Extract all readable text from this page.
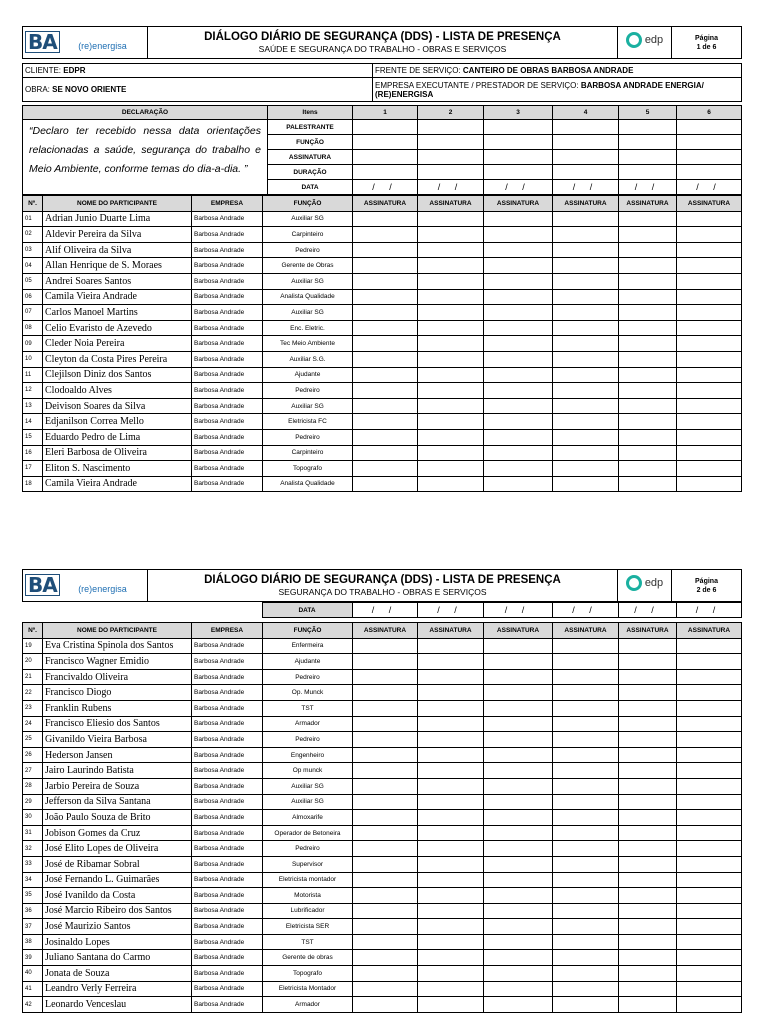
BA (re)energisa	
DIÁLOGO DIÁRIO DE SEGURANÇA (DDS) - LISTA DE PRESENÇA
SAÚDE E SEGURANÇA DO TRABALHO - OBRAS E SERVIÇOS

edp	Página
1 de 6
CLIENTE: EDPR	FRENTE DE SERVIÇO: CANTEIRO DE OBRAS BARBOSA ANDRADE
OBRA: SE NOVO ORIENTE	EMPRESA EXECUTANTE / PRESTADOR DE SERVIÇO: BARBOSA ANDRADE ENERGIA/ (RE)ENERGISA
DECLARAÇÃO	Itens	1	2	3	4	5	6
“Declaro ter recebido nessa data orientações relacionadas a saúde, segurança do trabalho e Meio Ambiente, conforme temas do dia-a-dia. ”	PALESTRANTE						
	FUNÇÃO						
	ASSINATURA						
	DURAÇÃO						
	DATA	/ /	/ /	/ /	/ /	/ /	/ /
Nº.	NOME DO PARTICIPANTE	EMPRESA	FUNÇÃO	ASSINATURA	ASSINATURA	ASSINATURA	ASSINATURA	ASSINATURA	ASSINATURA
01	Adrian Junio Duarte Lima	Barbosa Andrade	Auxiliar SG						
02	Aldevir Pereira da Silva	Barbosa Andrade	Carpinteiro						
03	Alif Oliveira da Silva	Barbosa Andrade	Pedreiro						
04	Allan Henrique de S. Moraes	Barbosa Andrade	Gerente de Obras						
05	Andrei Soares Santos	Barbosa Andrade	Auxiliar SG						
06	Camila Vieira Andrade	Barbosa Andrade	Analista Qualidade						
07	Carlos Manoel Martins	Barbosa Andrade	Auxiliar SG						
08	Celio Evaristo de Azevedo	Barbosa Andrade	Enc. Eletric.						
09	Cleder Noia Pereira	Barbosa Andrade	Tec Meio Ambiente						
10	Cleyton da Costa Pires Pereira	Barbosa Andrade	Auxiliar S.G.						
11	Clejilson Diniz dos Santos	Barbosa Andrade	Ajudante						
12	Clodoaldo Alves	Barbosa Andrade	Pedreiro						
13	Deivison Soares da Silva	Barbosa Andrade	Auxiliar SG						
14	Edjanilson Correa Mello	Barbosa Andrade	Eletricista FC						
15	Eduardo Pedro de Lima	Barbosa Andrade	Pedreiro						
16	Eleri Barbosa de Oliveira	Barbosa Andrade	Carpinteiro						
17	Eliton S. Nascimento	Barbosa Andrade	Topografo						
18	Camila Vieira Andrade	Barbosa Andrade	Analista Qualidade						
BA (re)energisa	
DIÁLOGO DIÁRIO DE SEGURANÇA (DDS) - LISTA DE PRESENÇA
SEGURANÇA DO TRABALHO - OBRAS E SERVIÇOS

edp	Página
2 de 6
	DATA	/ /	/ /	/ /	/ /	/ /	/ /
Nº.	NOME DO PARTICIPANTE	EMPRESA	FUNÇÃO	ASSINATURA	ASSINATURA	ASSINATURA	ASSINATURA	ASSINATURA	ASSINATURA
19	Eva Cristina Spinola dos Santos	Barbosa Andrade	Enfermeira						
20	Francisco Wagner Emidio	Barbosa Andrade	Ajudante						
21	Francivaldo Oliveira	Barbosa Andrade	Pedreiro						
22	Francisco Diogo	Barbosa Andrade	Op. Munck						
23	Franklin Rubens	Barbosa Andrade	TST						
24	Francisco Eliesio dos Santos	Barbosa Andrade	Armador						
25	Givanildo Vieira Barbosa	Barbosa Andrade	Pedreiro						
26	Hederson Jansen	Barbosa Andrade	Engenheiro						
27	Jairo Laurindo Batista	Barbosa Andrade	Op munck						
28	Jarbio Pereira de Souza	Barbosa Andrade	Auxiliar SG						
29	Jefferson da Silva Santana	Barbosa Andrade	Auxiliar SG						
30	João Paulo Souza de Brito	Barbosa Andrade	Almoxarife						
31	Jobison Gomes da Cruz	Barbosa Andrade	Operador de Betoneira						
32	José Elito Lopes de Oliveira	Barbosa Andrade	Pedreiro						
33	José de Ribamar Sobral	Barbosa Andrade	Supervisor						
34	José Fernando L. Guimarães	Barbosa Andrade	Eletricista montador						
35	José Ivanildo da Costa	Barbosa Andrade	Motorista						
36	José Marcio Ribeiro dos Santos	Barbosa Andrade	Lubrificador						
37	José Maurizio Santos	Barbosa Andrade	Eletricista SER						
38	Josinaldo Lopes	Barbosa Andrade	TST						
39	Juliano Santana do Carmo	Barbosa Andrade	Gerente de obras						
40	Jonata de Souza	Barbosa Andrade	Topografo						
41	Leandro Verly Ferreira	Barbosa Andrade	Eletricista Montador						
42	Leonardo Venceslau	Barbosa Andrade	Armador						
